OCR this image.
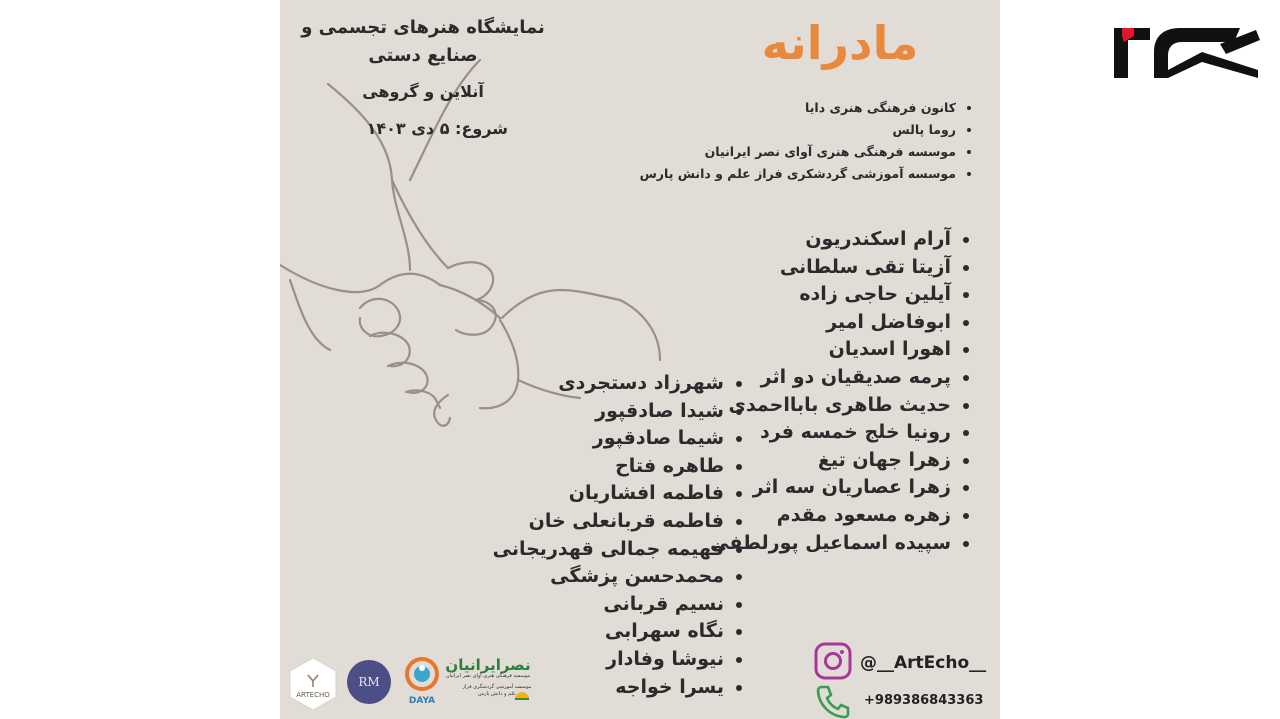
مادرانه
نمایشگاه هنرهای تجسمی و صنایع دستی
آنلاین و گروهی
شروع: ۵ دی ۱۴۰۳
• کانون فرهنگی هنری دایا
• روما پالس
• موسسه فرهنگی هنری آوای نصر ایرانیان
• موسسه آموزشی گردشکری فراز علم و دانش پارس
• آرام اسکندریون
• آزیتا تقی سلطانی
• آیلین حاجی زاده
• ابوفاضل امیر
• اهورا اسدیان
• پرمه صدیقیان دو اثر
• حدیث طاهری بابااحمدی
• رونیا خلج خمسه فرد
• زهرا جهان تیغ
• زهرا عصاریان سه اثر
• زهره مسعود مقدم
• سپیده اسماعیل پورلطفی
• شهرزاد دستجردی
• شیدا صادقپور
• شیما صادقپور
• طاهره فتاح
• فاطمه افشاریان
• فاطمه قربانعلی خان
• فهیمه جمالی قهدریجانی
• محمدحسن پزشگی
• نسیم قربانی
• نگاه سهرابی
• نیوشا وفادار
• یسرا خواجه
@__ArtEcho__
+989386843363
ARTECHO
RM
DAYA
نصرایرانیان
موسسه فرهنگی هنری آوای نصر ایرانیان
موسسه آموزشی گردشگری فراز علم و دانش پارس
